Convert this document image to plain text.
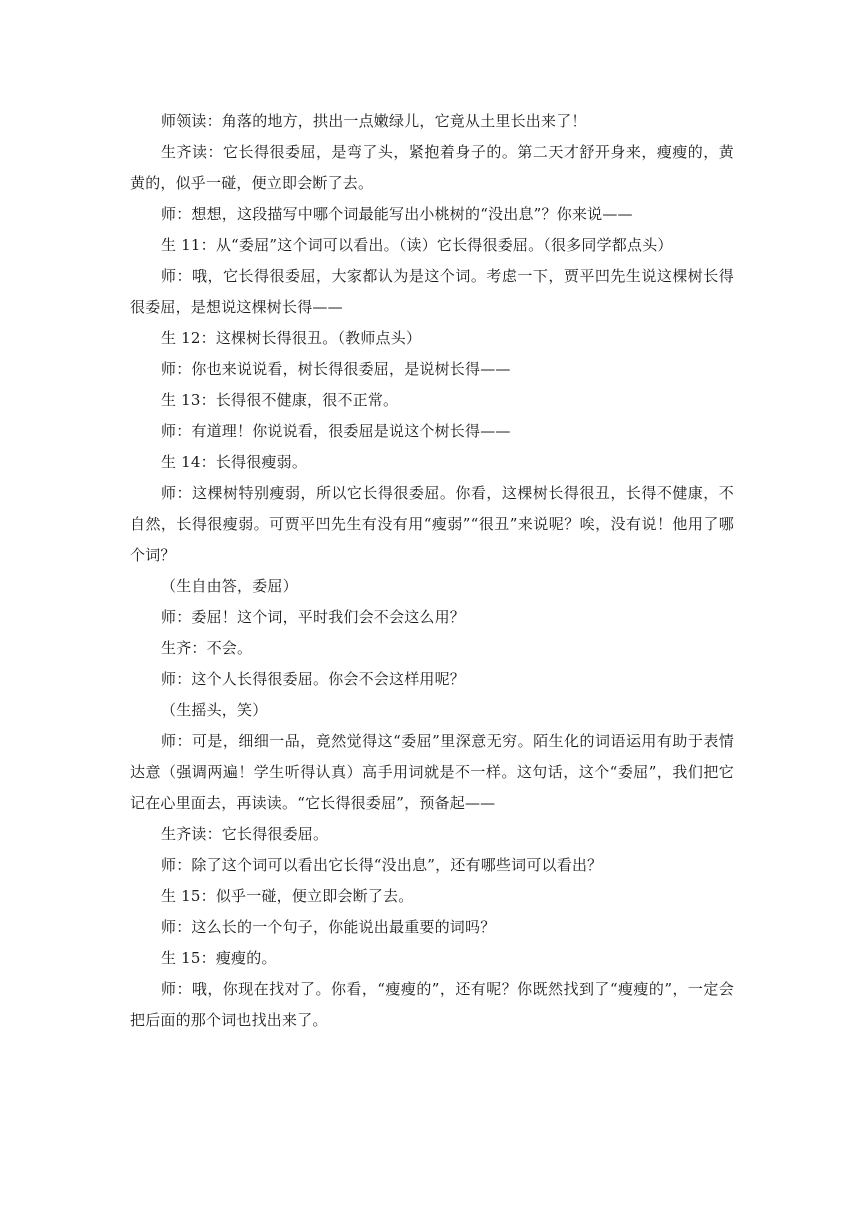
师领读：角落的地方，拱出一点嫩绿儿，它竟从土里长出来了！

生齐读：它长得很委屈，是弯了头，紧抱着身子的。第二天才舒开身来，瘦瘦的，黄黄的，似乎一碰，便立即会断了去。

师：想想，这段描写中哪个词最能写出小桃树的“没出息”？你来说——

生 11：从“委屈”这个词可以看出。（读）它长得很委屈。（很多同学都点头）

师：哦，它长得很委屈，大家都认为是这个词。考虑一下，贾平凹先生说这棵树长得很委屈，是想说这棵树长得——

生 12：这棵树长得很丑。（教师点头）

师：你也来说说看，树长得很委屈，是说树长得——

生 13：长得很不健康，很不正常。

师：有道理！你说说看，很委屈是说这个树长得——

生 14：长得很瘦弱。

师：这棵树特别瘦弱，所以它长得很委屈。你看，这棵树长得很丑，长得不健康，不自然，长得很瘦弱。可贾平凹先生有没有用“瘦弱”“很丑”来说呢？唉，没有说！他用了哪个词？

（生自由答，委屈）

师：委屈！这个词，平时我们会不会这么用？

生齐：不会。

师：这个人长得很委屈。你会不会这样用呢？

（生摇头，笑）

师：可是，细细一品，竟然觉得这“委屈”里深意无穷。陌生化的词语运用有助于表情达意（强调两遍！学生听得认真）高手用词就是不一样。这句话，这个“委屈”，我们把它记在心里面去，再读读。“它长得很委屈”，预备起——

生齐读：它长得很委屈。

师：除了这个词可以看出它长得“没出息”，还有哪些词可以看出？

生 15：似乎一碰，便立即会断了去。

师：这么长的一个句子，你能说出最重要的词吗？

生 15：瘦瘦的。

师：哦，你现在找对了。你看，“瘦瘦的”，还有呢？你既然找到了“瘦瘦的”，一定会把后面的那个词也找出来了。
